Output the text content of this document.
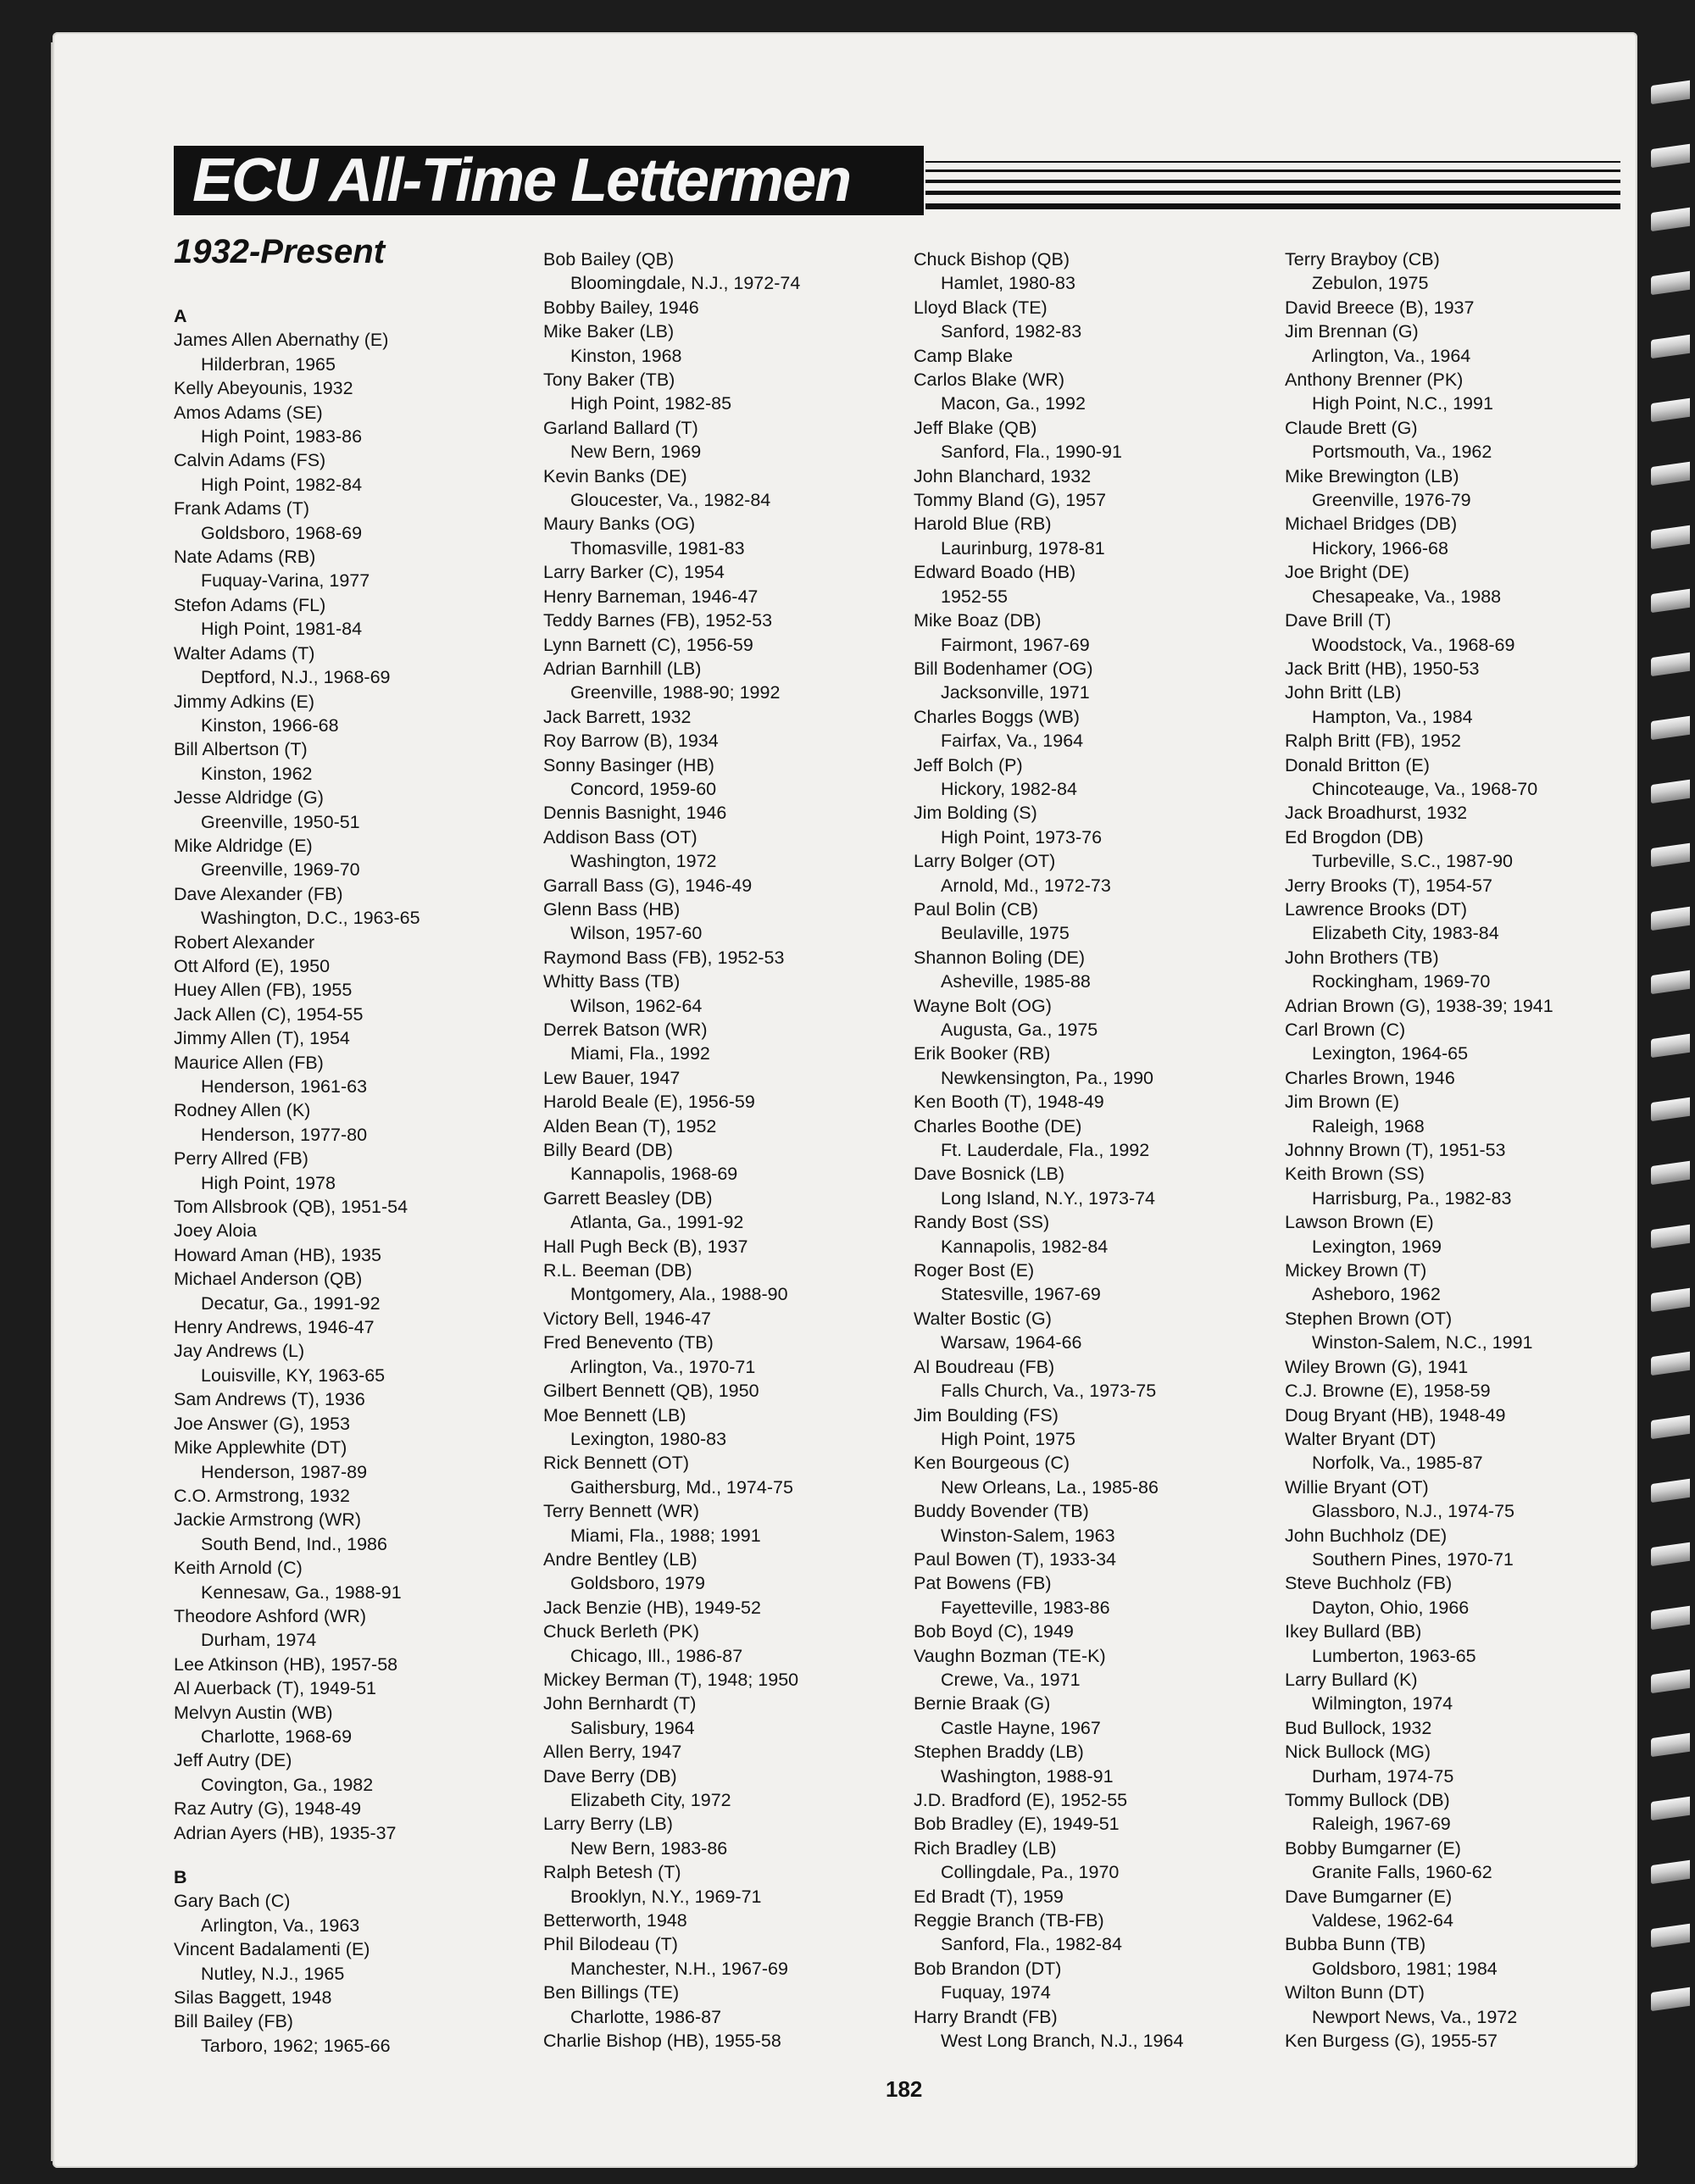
ECU All-Time Lettermen
1932-Present
A
James Allen Abernathy (E)
Hilderbran, 1965
Kelly Abeyounis, 1932
Amos Adams (SE)
High Point, 1983-86
Calvin Adams (FS)
High Point, 1982-84
Frank Adams (T)
Goldsboro, 1968-69
Nate Adams (RB)
Fuquay-Varina, 1977
Stefon Adams (FL)
High Point, 1981-84
Walter Adams (T)
Deptford, N.J., 1968-69
Jimmy Adkins (E)
Kinston, 1966-68
Bill Albertson (T)
Kinston, 1962
Jesse Aldridge (G)
Greenville, 1950-51
Mike Aldridge (E)
Greenville, 1969-70
Dave Alexander (FB)
Washington, D.C., 1963-65
Robert Alexander
Ott Alford (E), 1950
Huey Allen (FB), 1955
Jack Allen (C), 1954-55
Jimmy Allen (T), 1954
Maurice Allen (FB)
Henderson, 1961-63
Rodney Allen (K)
Henderson, 1977-80
Perry Allred (FB)
High Point, 1978
Tom Allsbrook (QB), 1951-54
Joey Aloia
Howard Aman (HB), 1935
Michael Anderson (QB)
Decatur, Ga., 1991-92
Henry Andrews, 1946-47
Jay Andrews (L)
Louisville, KY, 1963-65
Sam Andrews (T), 1936
Joe Answer (G), 1953
Mike Applewhite (DT)
Henderson, 1987-89
C.O. Armstrong, 1932
Jackie Armstrong (WR)
South Bend, Ind., 1986
Keith Arnold (C)
Kennesaw, Ga., 1988-91
Theodore Ashford (WR)
Durham, 1974
Lee Atkinson (HB), 1957-58
Al Auerback (T), 1949-51
Melvyn Austin (WB)
Charlotte, 1968-69
Jeff Autry (DE)
Covington, Ga., 1982
Raz Autry (G), 1948-49
Adrian Ayers (HB), 1935-37
B
Gary Bach (C)
Arlington, Va., 1963
Vincent Badalamenti (E)
Nutley, N.J., 1965
Silas Baggett, 1948
Bill Bailey (FB)
Tarboro, 1962; 1965-66
Bob Bailey (QB)
Bloomingdale, N.J., 1972-74
Bobby Bailey, 1946
Mike Baker (LB)
Kinston, 1968
Tony Baker (TB)
High Point, 1982-85
Garland Ballard (T)
New Bern, 1969
Kevin Banks (DE)
Gloucester, Va., 1982-84
Maury Banks (OG)
Thomasville, 1981-83
Larry Barker (C), 1954
Henry Barneman, 1946-47
Teddy Barnes (FB), 1952-53
Lynn Barnett (C), 1956-59
Adrian Barnhill (LB)
Greenville, 1988-90; 1992
Jack Barrett, 1932
Roy Barrow (B), 1934
Sonny Basinger (HB)
Concord, 1959-60
Dennis Basnight, 1946
Addison Bass (OT)
Washington, 1972
Garrall Bass (G), 1946-49
Glenn Bass (HB)
Wilson, 1957-60
Raymond Bass (FB), 1952-53
Whitty Bass (TB)
Wilson, 1962-64
Derrek Batson (WR)
Miami, Fla., 1992
Lew Bauer, 1947
Harold Beale (E), 1956-59
Alden Bean (T), 1952
Billy Beard (DB)
Kannapolis, 1968-69
Garrett Beasley (DB)
Atlanta, Ga., 1991-92
Hall Pugh Beck (B), 1937
R.L. Beeman (DB)
Montgomery, Ala., 1988-90
Victory Bell, 1946-47
Fred Benevento (TB)
Arlington, Va., 1970-71
Gilbert Bennett (QB), 1950
Moe Bennett (LB)
Lexington, 1980-83
Rick Bennett (OT)
Gaithersburg, Md., 1974-75
Terry Bennett (WR)
Miami, Fla., 1988; 1991
Andre Bentley (LB)
Goldsboro, 1979
Jack Benzie (HB), 1949-52
Chuck Berleth (PK)
Chicago, Ill., 1986-87
Mickey Berman (T), 1948; 1950
John Bernhardt (T)
Salisbury, 1964
Allen Berry, 1947
Dave Berry (DB)
Elizabeth City, 1972
Larry Berry (LB)
New Bern, 1983-86
Ralph Betesh (T)
Brooklyn, N.Y., 1969-71
Betterworth, 1948
Phil Bilodeau (T)
Manchester, N.H., 1967-69
Ben Billings (TE)
Charlotte, 1986-87
Charlie Bishop (HB), 1955-58
Chuck Bishop (QB)
Hamlet, 1980-83
Lloyd Black (TE)
Sanford, 1982-83
Camp Blake
Carlos Blake (WR)
Macon, Ga., 1992
Jeff Blake (QB)
Sanford, Fla., 1990-91
John Blanchard, 1932
Tommy Bland (G), 1957
Harold Blue (RB)
Laurinburg, 1978-81
Edward Boado (HB)
1952-55
Mike Boaz (DB)
Fairmont, 1967-69
Bill Bodenhamer (OG)
Jacksonville, 1971
Charles Boggs (WB)
Fairfax, Va., 1964
Jeff Bolch (P)
Hickory, 1982-84
Jim Bolding (S)
High Point, 1973-76
Larry Bolger (OT)
Arnold, Md., 1972-73
Paul Bolin (CB)
Beulaville, 1975
Shannon Boling (DE)
Asheville, 1985-88
Wayne Bolt (OG)
Augusta, Ga., 1975
Erik Booker (RB)
Newkensington, Pa., 1990
Ken Booth (T), 1948-49
Charles Boothe (DE)
Ft. Lauderdale, Fla., 1992
Dave Bosnick (LB)
Long Island, N.Y., 1973-74
Randy Bost (SS)
Kannapolis, 1982-84
Roger Bost (E)
Statesville, 1967-69
Walter Bostic (G)
Warsaw, 1964-66
Al Boudreau (FB)
Falls Church, Va., 1973-75
Jim Boulding (FS)
High Point, 1975
Ken Bourgeous (C)
New Orleans, La., 1985-86
Buddy Bovender (TB)
Winston-Salem, 1963
Paul Bowen (T), 1933-34
Pat Bowens (FB)
Fayetteville, 1983-86
Bob Boyd (C), 1949
Vaughn Bozman (TE-K)
Crewe, Va., 1971
Bernie Braak (G)
Castle Hayne, 1967
Stephen Braddy (LB)
Washington, 1988-91
J.D. Bradford (E), 1952-55
Bob Bradley (E), 1949-51
Rich Bradley (LB)
Collingdale, Pa., 1970
Ed Bradt (T), 1959
Reggie Branch (TB-FB)
Sanford, Fla., 1982-84
Bob Brandon (DT)
Fuquay, 1974
Harry Brandt (FB)
West Long Branch, N.J., 1964
Terry Brayboy (CB)
Zebulon, 1975
David Breece (B), 1937
Jim Brennan (G)
Arlington, Va., 1964
Anthony Brenner (PK)
High Point, N.C., 1991
Claude Brett (G)
Portsmouth, Va., 1962
Mike Brewington (LB)
Greenville, 1976-79
Michael Bridges (DB)
Hickory, 1966-68
Joe Bright (DE)
Chesapeake, Va., 1988
Dave Brill (T)
Woodstock, Va., 1968-69
Jack Britt (HB), 1950-53
John Britt (LB)
Hampton, Va., 1984
Ralph Britt (FB), 1952
Donald Britton (E)
Chincoteauge, Va., 1968-70
Jack Broadhurst, 1932
Ed Brogdon (DB)
Turbeville, S.C., 1987-90
Jerry Brooks (T), 1954-57
Lawrence Brooks (DT)
Elizabeth City, 1983-84
John Brothers (TB)
Rockingham, 1969-70
Adrian Brown (G), 1938-39; 1941
Carl Brown (C)
Lexington, 1964-65
Charles Brown, 1946
Jim Brown (E)
Raleigh, 1968
Johnny Brown (T), 1951-53
Keith Brown (SS)
Harrisburg, Pa., 1982-83
Lawson Brown (E)
Lexington, 1969
Mickey Brown (T)
Asheboro, 1962
Stephen Brown (OT)
Winston-Salem, N.C., 1991
Wiley Brown (G), 1941
C.J. Browne (E), 1958-59
Doug Bryant (HB), 1948-49
Walter Bryant (DT)
Norfolk, Va., 1985-87
Willie Bryant (OT)
Glassboro, N.J., 1974-75
John Buchholz (DE)
Southern Pines, 1970-71
Steve Buchholz (FB)
Dayton, Ohio, 1966
Ikey Bullard (BB)
Lumberton, 1963-65
Larry Bullard (K)
Wilmington, 1974
Bud Bullock, 1932
Nick Bullock (MG)
Durham, 1974-75
Tommy Bullock (DB)
Raleigh, 1967-69
Bobby Bumgarner (E)
Granite Falls, 1960-62
Dave Bumgarner (E)
Valdese, 1962-64
Bubba Bunn (TB)
Goldsboro, 1981; 1984
Wilton Bunn (DT)
Newport News, Va., 1972
Ken Burgess (G), 1955-57
182
